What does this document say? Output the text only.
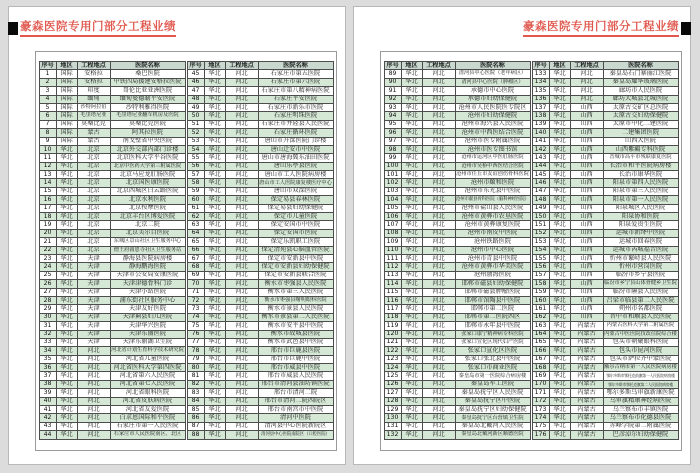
豪森医院专用门部分工程业绩
序号	地区	工程地点	医院名称
1	国际	安格拉	桑巴医院
2	国际	安格拉	中铁四局援建安格拉医院
3	国际	印度	哥伦比亚亚洲医院
4	国际	缅甸	缅甸曼德勒平安医院
5	国际	沙特阿拉伯	沙特利雅得医院
6	国际	毛里塔尼亚	毛里塔尼亚翻车机房及医院
7	国际	莫桑比克	莫桑比克医院
8	国际	蒙古	阿其拉医院
9	国际	蒙古	南戈壁省中央医院
10	华北	北京	北京外交部内部门诊楼
11	华北	北京	北京医科大学平谷医院
12	华北	北京	北京中医药大学第三附属医院
13	华北	北京	北京马应龙肛肠医院
14	华北	北京	北京国医康医院
15	华北	北京	北京西城区白云路医院
16	华北	北京	北京水利医院
17	华北	北京	北京按摩医院
18	华北	北京	北京丰台区博爱医院
19	华北	北京	北京二院
20	华北	北京	北京美尔目医院
21	华北	北京	东城区景山社区卫生服务中心
22	华北	北京	僧王府圆恩寺社区卫生服务站
23	华北	天津	静海县医院病房楼
24	华北	天津	静海鹏海医院
25	华北	天津	天津市公安局安康医院
26	华北	天津	天津津德骨科门诊
27	华北	天津	天津小站医院
28	华北	天津	浦东街社区服务中心
29	华北	天津	天津友好医院
30	华北	天津	天津蓟县妇儿医院
31	华北	天津	天津华兴医院
32	华北	天津	天津东丽医院
33	华北	天津	天津东丽湖卫生院
34	华北	河北	河北省计划生育科学技术研究院
35	华北	河北	河北省儿童医院
36	华北	河北	河北省医科大学第四医院
37	华北	河北	河北省第六人民医院
38	华北	河北	河北省第七人民医院
39	华北	河北	河北省眼科医院
40	华北	河北	河北省皮肤病医院
41	华北	河北	河北省友爱医院
42	华北	河北	白求恩国际和平医院
43	华北	河北	石家庄市第一人民医院
44	华北	河北	石家庄市人民医院南区、北区
序号	地区	工程地点	医院名称
45	华北	河北	石家庄市第五医院
46	华北	河北	石家庄市第六医院
47	华北	河北	石家庄市第八精神病医院
48	华北	河北	石家庄平安医院
49	华北	河北	石家庄市新乐市医院
50	华北	河北	石家庄明珠医院
51	华北	河北	石家庄市井陉县人民医院
52	华北	河北	石家庄循环医院
53	华北	河北	唐山市开滦医院门诊楼
54	华北	河北	唐山迁安市中医院
55	华北	河北	唐山市唐海冀东油田医院
56	华北	河北	唐山乐亭县医院
57	华北	河北	唐山市工人医院病房楼
58	华北	河北	唐山市工人医院康复楼医疗中心
59	华北	河北	唐山市双滦医院
60	华北	河北	保定易县春林医院
61	华北	河北	保定易县妇幼保健院
62	华北	河北	保定市儿童医院
63	华北	河北	保定安国市中医院
64	华北	河北	保定安国市医院
65	华北	河北	保定乐凯职工医院
66	华北	河北	保定清苑县心脑血管医院
67	华北	河北	保定市安新县中医院
68	华北	河北	保定市安新县妇幼保健院
69	华北	河北	保定市安新县联合医院
70	华北	河北	衡水市枣强县人民医院
71	华北	河北	衡水市第三人民医院
72	华北	河北	衡水市枣强县曙明眼科医院
73	华北	河北	衡水市景县人民医院
74	华北	河北	衡水市景县第二人民医院
75	华北	河北	衡水市安平县中医院
76	华北	河北	衡水市故城县医院
77	华北	河北	衡水市武邑县中医院
78	华北	河北	邢台市巨鹿县医院
79	华北	河北	邢台市巨鹿中医院
80	华北	河北	邢台市威县中医院
81	华北	河北	邢台市威县人民医院
82	华北	河北	邢台市清河县油坊镇医院
83	华北	河北	邢台市清河二院
84	华北	河北	邢台市清河二院西院区
85	华北	河北	邢台市南宫市中医院
86	华北	河北	清河中医院
87	华北	河北	清河县中心医院新院区
88	华北	河北	清河县中心医院南院区（口腔医院）
豪森医院专用门部分工程业绩
序号	地区	工程地点	医院名称
89	华北	河北	清河县中心医院（老年病区）
90	华北	河北	清河县中心医院（肿瘤区）
91	华北	河北	承德市中心医院
92	华北	河北	承德市妇幼保健院
93	华北	河北	沧州市人民医院医专院区
94	华北	河北	沧州市妇幼保健院
95	华北	河北	沧州市海兴县人民医院
96	华北	河北	沧州市中西医结合医院
97	华北	河北	沧州市医专附属医院
98	华北	河北	沧州市医专图书馆
99	华北	河北	沧州市运河区中医肛肠医院
100	华北	河北	沧州市吴桥中西医结合医院
101	华北	河北	沧州市任丘市友谊创伤骨科医院
102	华北	河北	沧州市颐和医院
103	华北	河北	沧州市东光县中医院
104	华北	河北	沧州市献县骨科医院（脑科神经医院）
105	华北	河北	沧州市盐山县人民医院
106	华北	河北	沧州市黄骅市农垦医院
107	华北	河北	沧州市黄骅康复医院
108	华北	河北	沧州市南皮中医院
109	华北	河北	沧州铁路医院
110	华北	河北	沧州市中心医院
111	华北	河北	沧州市青县中医院
112	华北	河北	沧州市黄骅市华美医院
113	华北	河北	沧州渤海医院
114	华北	河北	邯郸市磁县妇幼保健院
115	华北	河北	邯郸市磁县肿瘤医院
116	华北	河北	邯郸市馆陶县中医院
117	华北	河北	邯郸市第二医院
118	华北	河北	邯郸市第二医院西区
119	华北	河北	邯郸市永年县中医院
120	华北	河北	张家口康宁精神病专科医院
121	华北	河北	张家口宣化区现代妇产医院
122	华北	河北	张家口宣化区医院
123	华北	河北	张家口张北县中医院
124	华北	河北	张家口市商业医院
125	华北	河北	秦皇岛市第一医院综合病房楼
126	华北	河北	秦皇岛军工医院
127	华北	河北	秦皇岛抚宁区人民医院
128	华北	河北	秦皇岛抚宁区中医院
129	华北	河北	秦皇岛抚宁区妇幼保健院
130	华北	河北	秦皇岛抚宁区台营镇卫生院
131	华北	河北	秦皇岛北戴河人民医院
132	华北	河北	秦皇岛北戴河新区顺德医院
序号	地区	工程地点	医院名称
133	华北	河北	秦皇岛石门寨丽江医院
134	华北	河北	秦皇岛耀华玻璃医院
135	华北	河北	廊坊市人民医院
136	华北	河北	廊坊大城县北城医院
137	华北	山西	太原古交矿区总医院
138	华北	山西	太原古交妇幼保健院
139	华北	山西	太原市中化二建医院
140	华北	山西	二建集团医院
141	华北	山西	山西大医院
142	华北	山西	山西紫癜专科医院
143	华北	山西	晋城市高平市残联康复医院
144	华北	山西	长治市和平医院病房楼
145	华北	山西	长治市康华医院
146	华北	山西	阳泉市第四人民医院
147	华北	山西	阳泉市第三人民医院
148	华北	山西	阳泉市第一人民医院
149	华北	山西	阳泉城区人民医院
150	华北	山西	阳泉协和医院
151	华北	山西	阳泉爱贵生医院
152	华北	山西	运城市新绛中医院
153	华北	山西	运城市回春医院
154	华北	山西	运城市芮城福音医院
155	华北	山西	忻州市繁峙县人民医院
156	华北	山西	忻州市营岗医院
157	华北	山西	临汾市乡宁县医院
158	华北	山西	临汾市乡宁县山体骨健乡卫生院
159	华北	山西	临汾市隰县人民医院
160	华北	山西	吕梁市临县第二人民医院
161	华北	山西	朔州市名都医院
162	华北	山西	晋中市和顺县人民医院
163	华北	内蒙古	内蒙古医科大学第二附属医院
164	华北	内蒙古	内蒙古中医医院技改住院综合楼
165	华北	内蒙古	包头市朝聚眼科医院
166	华北	内蒙古	包头市昆河医院
167	华北	内蒙古	包头市萨拉齐中蒙医院
168	华北	内蒙古	额尔古纳市第一人民医院病房楼
169	华北	内蒙古	鄂尔多斯市鄂托克前旗第一人民医院病房楼
170	华北	内蒙古	鄂尔多斯市鄂托克旗第二人民医院病房楼
171	华北	内蒙古	鄂尔多斯乌审旗新康医院
172	华北	内蒙古	乌审旗精康神经病医院
173	华北	内蒙古	乌兰察布市丰镇医院
174	华北	内蒙古	乌兰察布市化德县医院
175	华北	内蒙古	赤峰学院第二附属医院
176	华北	内蒙古	巴彦淖尔妇幼保健院
